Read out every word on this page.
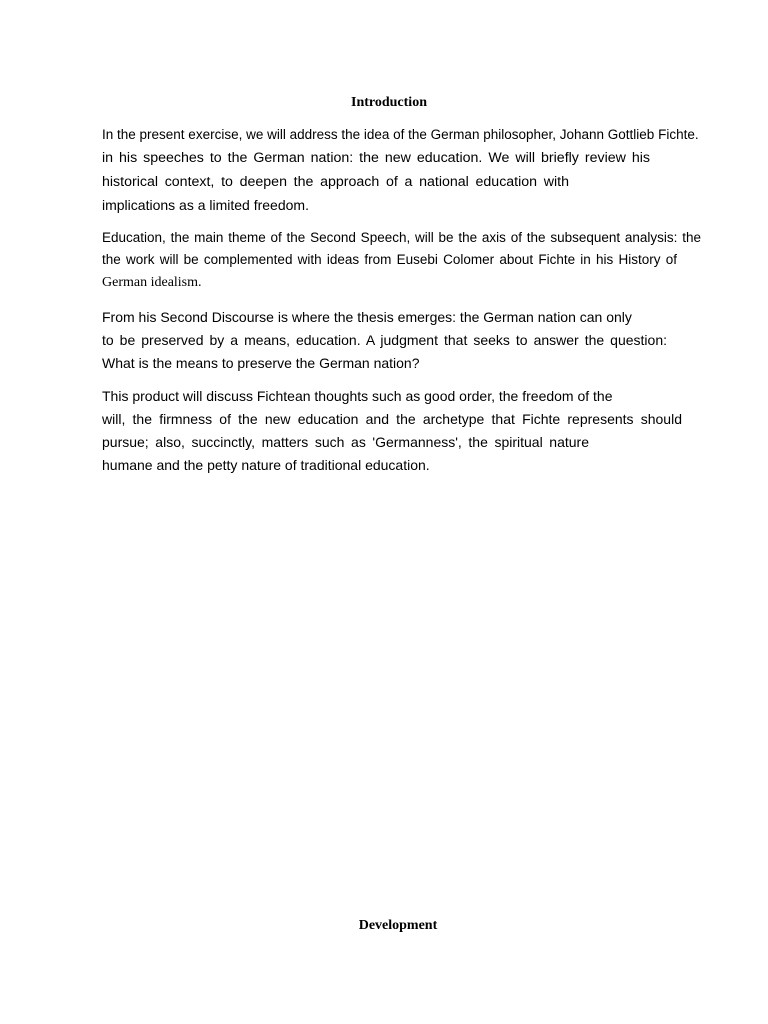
Introduction
In the present exercise, we will address the idea of the German philosopher, Johann Gottlieb Fichte.
in his speeches to the German nation: the new education. We will briefly review his
historical context, to deepen the approach of a national education with
implications as a limited freedom.
Education, the main theme of the Second Speech, will be the axis of the subsequent analysis: the
the work will be complemented with ideas from Eusebi Colomer about Fichte in his History of
German idealism.
From his Second Discourse is where the thesis emerges: the German nation can only
to be preserved by a means, education. A judgment that seeks to answer the question:
What is the means to preserve the German nation?
This product will discuss Fichtean thoughts such as good order, the freedom of the
will, the firmness of the new education and the archetype that Fichte represents should
pursue; also, succinctly, matters such as 'Germanness', the spiritual nature
humane and the petty nature of traditional education.
Development
